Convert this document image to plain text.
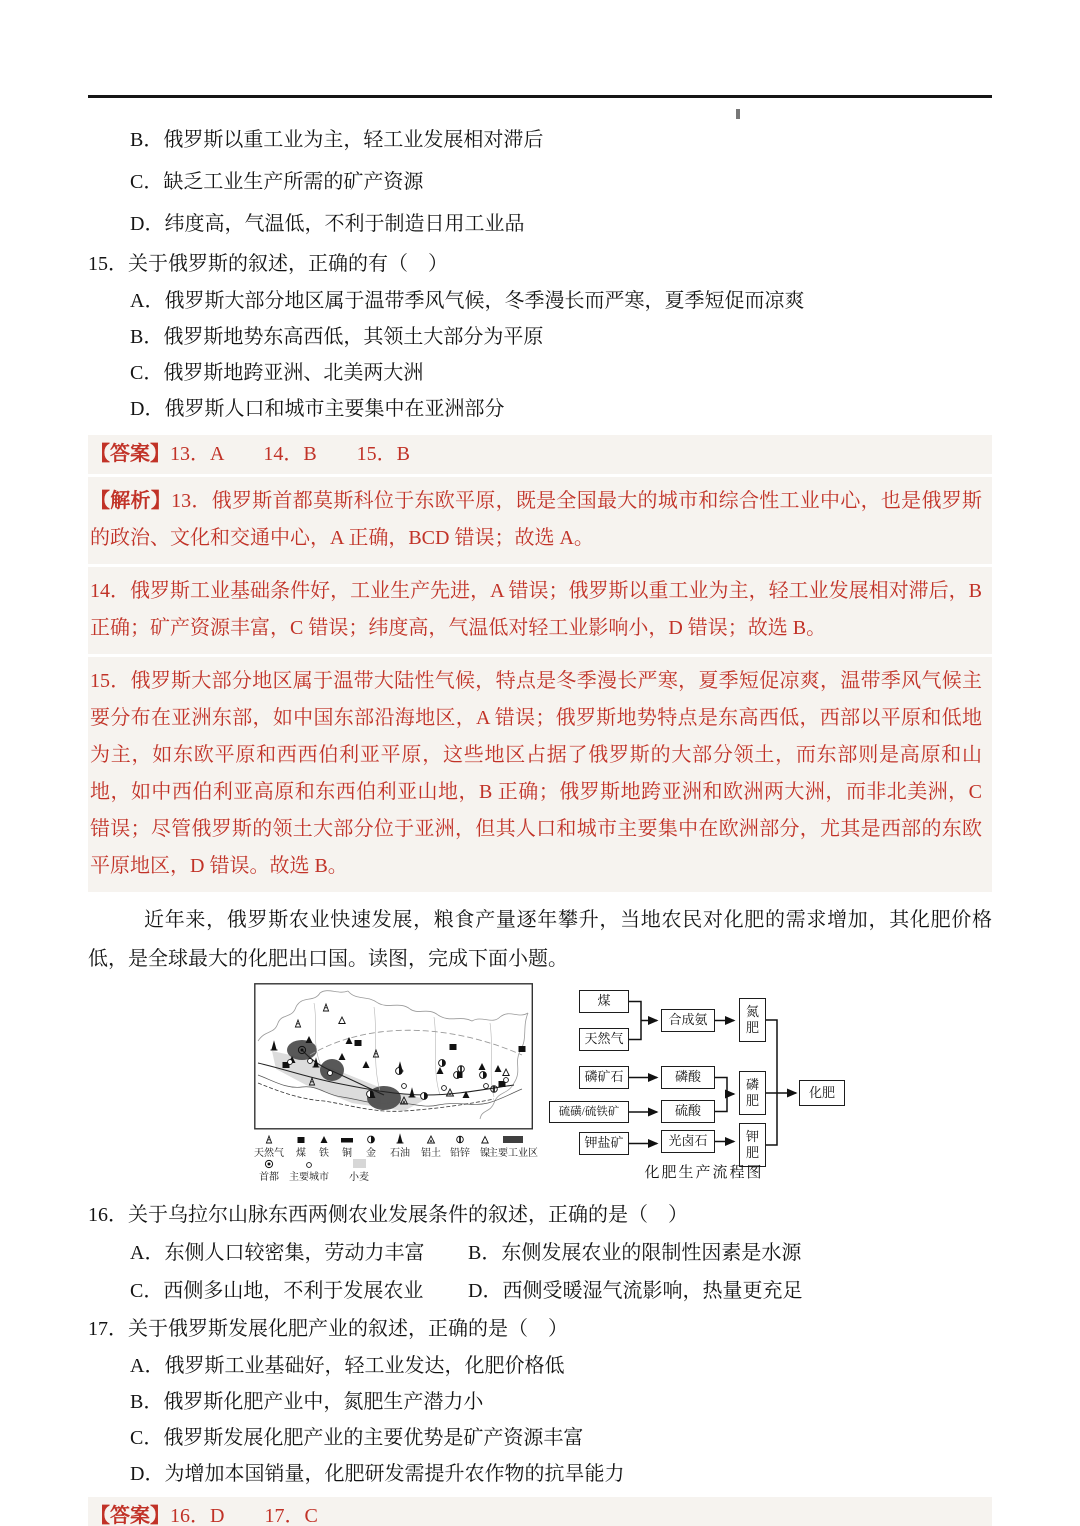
B．俄罗斯以重工业为主，轻工业发展相对滞后
C．缺乏工业生产所需的矿产资源
D．纬度高，气温低，不利于制造日用工业品
15．关于俄罗斯的叙述，正确的有（　）
A．俄罗斯大部分地区属于温带季风气候，冬季漫长而严寒，夏季短促而凉爽
B．俄罗斯地势东高西低，其领土大部分为平原
C．俄罗斯地跨亚洲、北美两大洲
D．俄罗斯人口和城市主要集中在亚洲部分
【答案】13．A　　14．B　　15．B
【解析】13．俄罗斯首都莫斯科位于东欧平原，既是全国最大的城市和综合性工业中心，也是俄罗斯的政治、文化和交通中心，A 正确，BCD 错误；故选 A。
14．俄罗斯工业基础条件好，工业生产先进，A 错误；俄罗斯以重工业为主，轻工业发展相对滞后，B 正确；矿产资源丰富，C 错误；纬度高，气温低对轻工业影响小，D 错误；故选 B。
15．俄罗斯大部分地区属于温带大陆性气候，特点是冬季漫长严寒，夏季短促凉爽，温带季风气候主要分布在亚洲东部，如中国东部沿海地区，A 错误；俄罗斯地势特点是东高西低，西部以平原和低地为主，如东欧平原和西西伯利亚平原，这些地区占据了俄罗斯的大部分领土，而东部则是高原和山地，如中西伯利亚高原和东西伯利亚山地，B 正确；俄罗斯地跨亚洲和欧洲两大洲，而非北美洲，C 错误；尽管俄罗斯的领土大部分位于亚洲，但其人口和城市主要集中在欧洲部分，尤其是西部的东欧平原地区，D 错误。故选 B。
近年来，俄罗斯农业快速发展，粮食产量逐年攀升，当地农民对化肥的需求增加，其化肥价格低，是全球最大的化肥出口国。读图，完成下面小题。
天然气 煤 铁 铜 金 石油 铝土 铅锌 镍
主要工业区
首都 主要城市 小麦
煤
天然气
合成氨
氮肥
磷矿石	磷酸
硫磺/硫铁矿	硫酸
磷肥
钾盐矿	光卤石	钾肥
化肥
化肥生产流程图
16．关于乌拉尔山脉东西两侧农业发展条件的叙述，正确的是（　）
A．东侧人口较密集，劳动力丰富	B．东侧发展农业的限制性因素是水源
C．西侧多山地，不利于发展农业	D．西侧受暖湿气流影响，热量更充足
17．关于俄罗斯发展化肥产业的叙述，正确的是（　）
A．俄罗斯工业基础好，轻工业发达，化肥价格低
B．俄罗斯化肥产业中，氮肥生产潜力小
C．俄罗斯发展化肥产业的主要优势是矿产资源丰富
D．为增加本国销量，化肥研发需提升农作物的抗旱能力
【答案】16．D　　17．C
